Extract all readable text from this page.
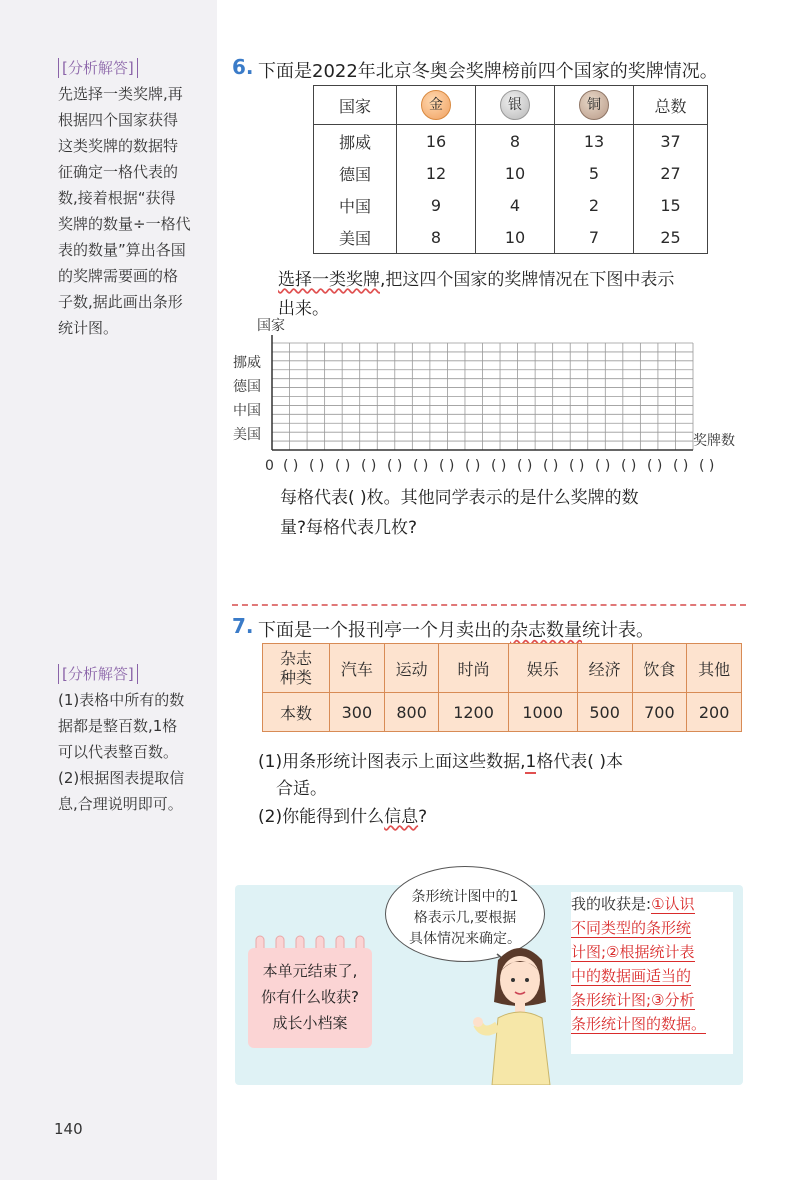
[分析解答]
先选择一类奖牌,再
根据四个国家获得
这类奖牌的数据特
征确定一格代表的
数,接着根据“获得
奖牌的数量÷一格代
表的数量”算出各国
的奖牌需要画的格
子数,据此画出条形
统计图。
[分析解答]
(1)表格中所有的数
据都是整百数,1格
可以代表整百数。
(2)根据图表提取信
息,合理说明即可。
6. 下面是2022年北京冬奥会奖牌榜前四个国家的奖牌情况。
国家	金	银	铜	总数
挪威	16	8	13	37
德国	12	10	5	27
中国	9	4	2	15
美国	8	10	7	25
选择一类奖牌,把这四个国家的奖牌情况在下图中表示
出来。
国家
挪威
德国
中国
美国	奖牌数
0 ( ) ( ) ( ) ( ) ( ) ( ) ( ) ( ) ( ) ( ) ( ) ( ) ( ) ( ) ( ) ( ) ( )
每格代表( )枚。其他同学表示的是什么奖牌的数
量?每格代表几枚?
7. 下面是一个报刊亭一个月卖出的杂志数量统计表。
杂志
种类	汽车	运动	时尚	娱乐	经济	饮食	其他
本数	300	800	1200	1000	500	700	200
(1)用条形统计图表示上面这些数据,1格代表( )本
合适。
(2)你能得到什么信息?
本单元结束了,
你有什么收获?
成长小档案
条形统计图中的1
格表示几,要根据
具体情况来确定。
我的收获是:①认识
不同类型的条形统
计图;②根据统计表
中的数据画适当的
条形统计图;③分析
条形统计图的数据。
140
